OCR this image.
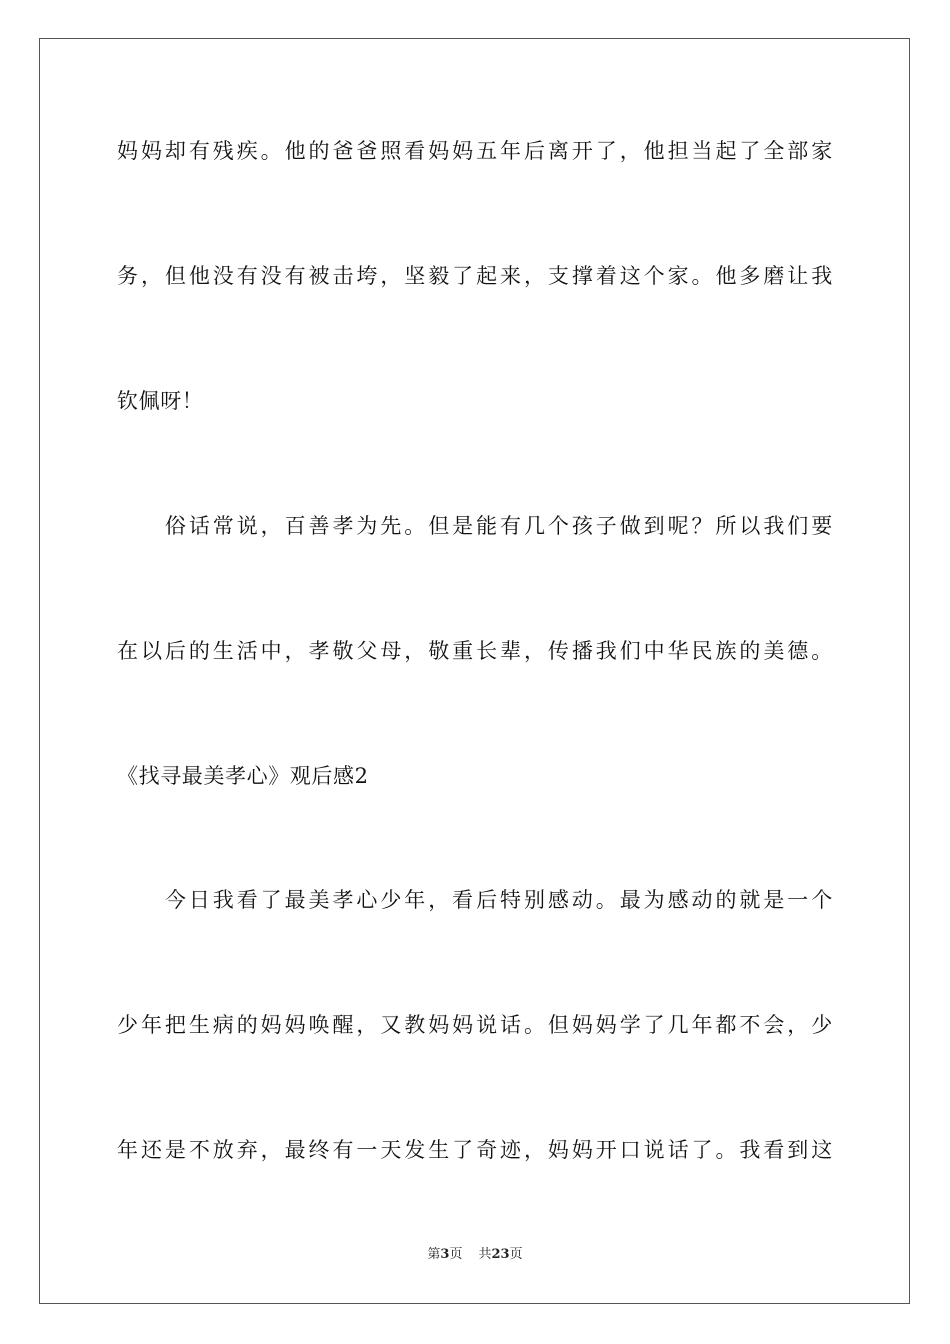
妈 妈 却 有 残 疾 。 他 的 爸 爸 照 看 妈 妈 五 年 后 离 开 了 ， 他 担 当 起 了 全 部 家
务 ， 但 他 没 有 没 有 被 击 垮 ， 坚 毅 了 起 来 ， 支 撑 着 这 个 家 。 他 多 磨 让 我
钦佩呀！

俗 话 常 说 ， 百 善 孝 为 先 。 但 是 能 有 几 个 孩 子 做 到 呢 ？ 所 以 我 们 要
在 以 后 的 生 活 中 ， 孝 敬 父 母 ， 敬 重 长 辈 ， 传 播 我 们 中 华 民 族 的 美 德 。
《找寻最美孝心》观后感2

今 日 我 看 了 最 美 孝 心 少 年 ， 看 后 特 别 感 动 。 最 为 感 动 的 就 是 一 个
少 年 把 生 病 的 妈 妈 唤 醒 ， 又 教 妈 妈 说 话 。 但 妈 妈 学 了 几 年 都 不 会 ， 少
年 还 是 不 放 弃 ， 最 终 有 一 天 发 生 了 奇 迹 ， 妈 妈 开 口 说 话 了 。 我 看 到 这
第3页 共23页
